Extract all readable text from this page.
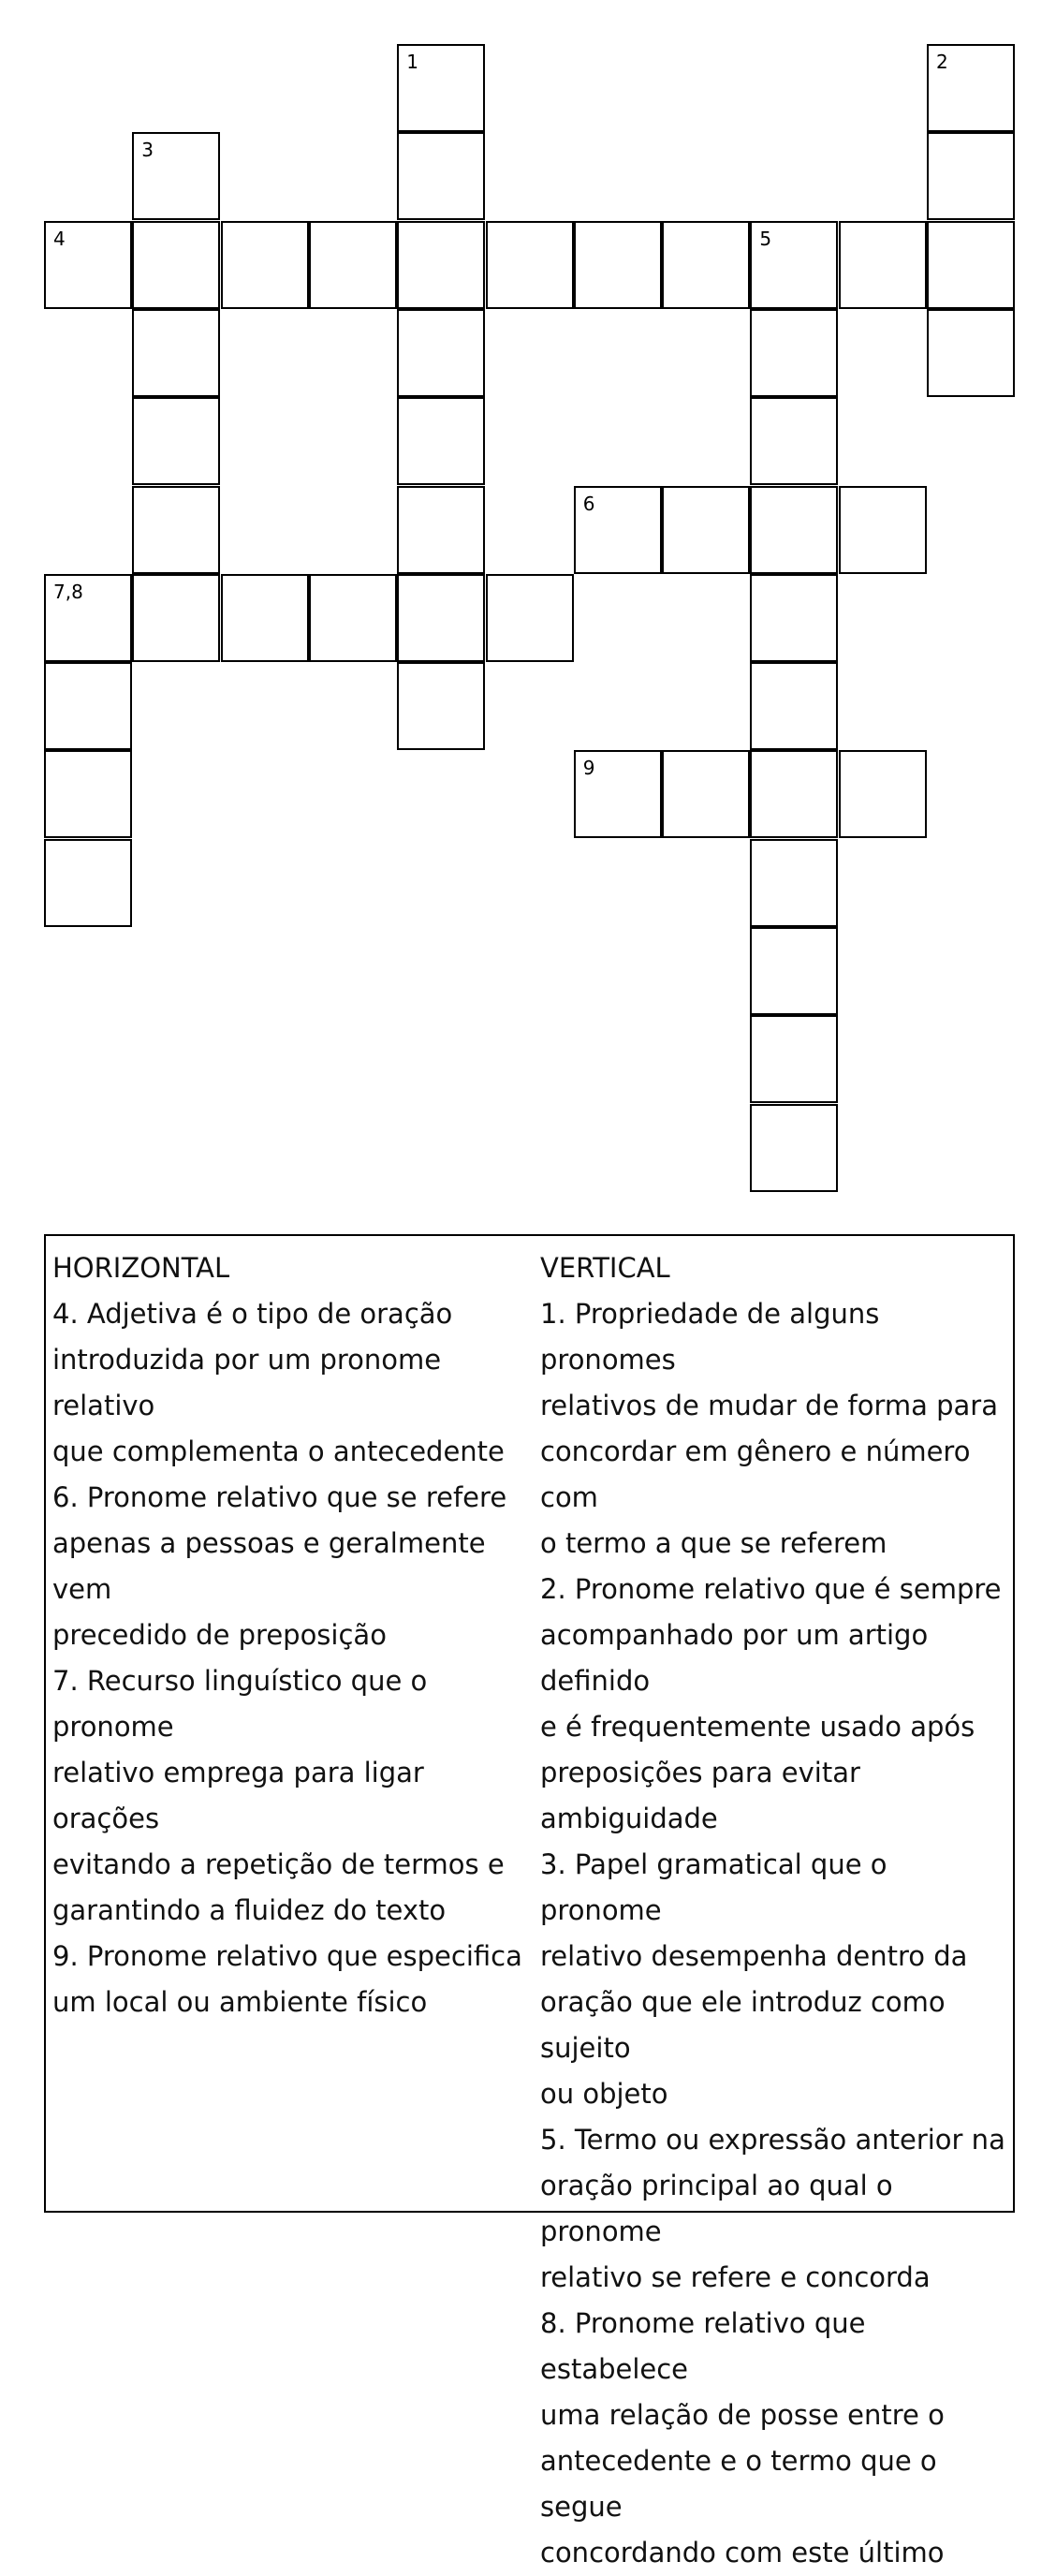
1	2
3
4	5
6
7,8
9
HORIZONTAL
4. Adjetiva é o tipo de oração
introduzida por um pronome relativo
que complementa o antecedente
6. Pronome relativo que se refere
apenas a pessoas e geralmente vem
precedido de preposição
7. Recurso linguístico que o pronome
relativo emprega para ligar orações
evitando a repetição de termos e
garantindo a fluidez do texto
9. Pronome relativo que especifica
um local ou ambiente físico
VERTICAL
1. Propriedade de alguns pronomes
relativos de mudar de forma para
concordar em gênero e número com
o termo a que se referem
2. Pronome relativo que é sempre
acompanhado por um artigo definido
e é frequentemente usado após
preposições para evitar ambiguidade
3. Papel gramatical que o pronome
relativo desempenha dentro da
oração que ele introduz como sujeito
ou objeto
5. Termo ou expressão anterior na
oração principal ao qual o pronome
relativo se refere e concorda
8. Pronome relativo que estabelece
uma relação de posse entre o
antecedente e o termo que o segue
concordando com este último
